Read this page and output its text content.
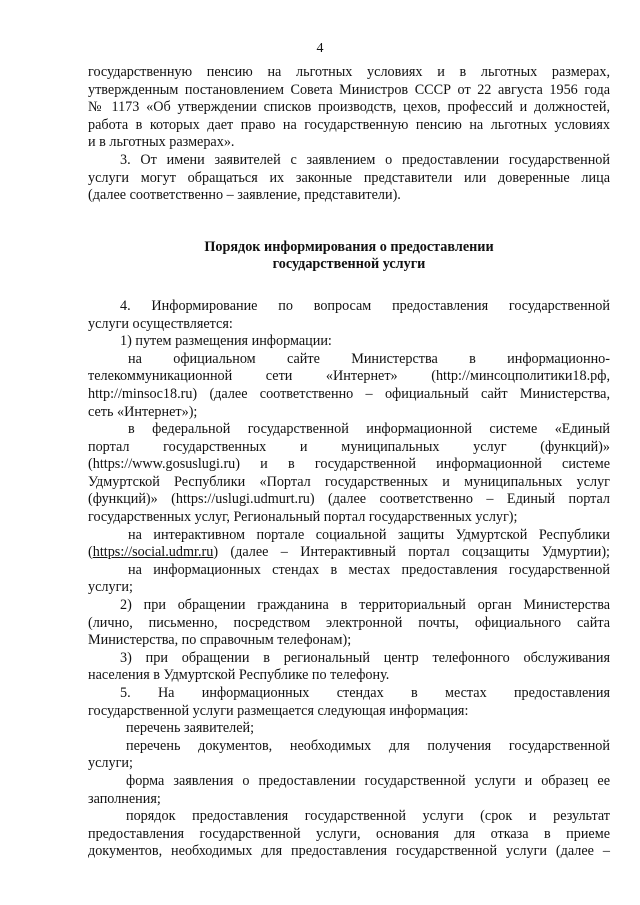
4

государственную пенсию на льготных условиях и в льготных размерах,

утвержденным постановлением Совета Министров СССР от 22 августа 1956 года

№ 1173 «Об утверждении списков производств, цехов, профессий и должностей,

работа в которых дает право на государственную пенсию на льготных условиях

и в льготных размерах».

3. От имени заявителей с заявлением о предоставлении государственной

услуги могут обращаться их законные представители или доверенные лица

(далее соответственно – заявление, представители).

Порядок информирования о предоставлении
государственной услуги

4. Информирование по вопросам предоставления государственной

услуги осуществляется:

1) путем размещения информации:

на официальном сайте Министерства в информационно-

телекоммуникационной сети «Интернет» (http://минсоцполитики18.рф,

http://minsoc18.ru) (далее соответственно – официальный сайт Министерства,

сеть «Интернет»);

в федеральной государственной информационной системе «Единый

портал государственных и муниципальных услуг (функций)»

(https://www.gosuslugi.ru) и в государственной информационной системе

Удмуртской Республики «Портал государственных и муниципальных услуг

(функций)» (https://uslugi.udmurt.ru) (далее соответственно – Единый портал

государственных услуг, Региональный портал государственных услуг);

на интерактивном портале социальной защиты Удмуртской Республики

(https://social.udmr.ru) (далее – Интерактивный портал соцзащиты Удмуртии);

на информационных стендах в местах предоставления государственной

услуги;

2) при обращении гражданина в территориальный орган Министерства

(лично, письменно, посредством электронной почты, официального сайта

Министерства, по справочным телефонам);

3) при обращении в региональный центр телефонного обслуживания

населения в Удмуртской Республике по телефону.

5. На информационных стендах в местах предоставления

государственной услуги размещается следующая информация:

перечень заявителей;

перечень документов, необходимых для получения государственной

услуги;

форма заявления о предоставлении государственной услуги и образец ее

заполнения;

порядок предоставления государственной услуги (срок и результат

предоставления государственной услуги, основания для отказа в приеме

документов, необходимых для предоставления государственной услуги (далее –
